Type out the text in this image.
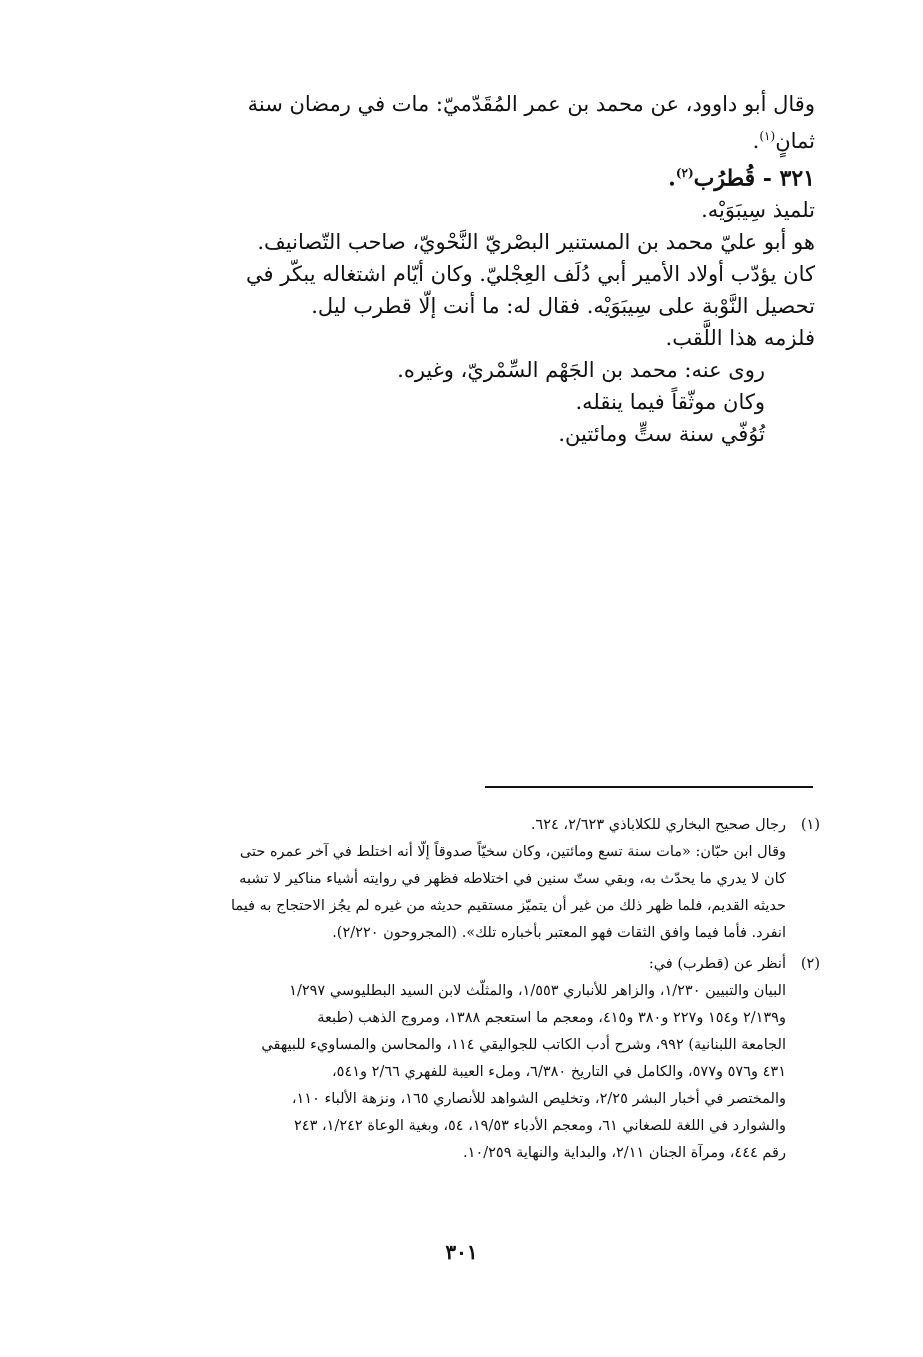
وقال أبو داوود، عن محمد بن عمر المُقَدّميّ: مات في رمضان سنة

ثمانٍ$^{(١)}$.

٣٢١ - قُطرُب$^{(٢)}$.

تلميذ سِيبَوَيْه.

هو أبو عليّ محمد بن المستنير البصْريّ النَّحْويّ، صاحب التّصانيف.

كان يؤدّب أولاد الأمير أبي دُلَف العِجْليّ. وكان أيّام اشتغاله يبكّر في

تحصيل النَّوْبة على سِيبَوَيْه. فقال له: ما أنت إلّا قطرب ليل.

فلزمه هذا اللَّقب.

روى عنه: محمد بن الجَهْم السِّمْريّ، وغيره.

وكان موثّقاً فيما ينقله.

تُوُفّي سنة ستٍّ ومائتين.

(١)
رجال صحيح البخاري للكلاباذي ٢/٦٢٣، ٦٢٤.
وقال ابن حبّان: «مات سنة تسع ومائتين، وكان سخيّاً صدوقاً إلّا أنه اختلط في آخر عمره حتى
كان لا يدري ما يحدّث به، وبقي ستّ سنين في اختلاطه فظهر في روايته أشياء مناكير لا تشبه
حديثه القديم، فلما ظهر ذلك من غير أن يتميّز مستقيم حديثه من غيره لم يجُز الاحتجاج به فيما
انفرد. فأما فيما وافق الثقات فهو المعتبر بأخباره تلك». (المجروحون ٢/٢٢٠).
(٢)
أنظر عن (قطرب) في:
البيان والتبيين ١/٢٣٠، والزاهر للأنباري ١/٥٥٣، والمثلّث لابن السيد البطليوسي ١/٢٩٧
و٢/١٣٩ و١٥٤ و٢٢٧ و٣٨٠ و٤١٥، ومعجم ما استعجم ١٣٨٨، ومروج الذهب (طبعة
الجامعة اللبنانية) ٩٩٢، وشرح أدب الكاتب للجواليقي ١١٤، والمحاسن والمساويء للبيهقي
٤٣١ و٥٧٦ و٥٧٧، والكامل في التاريخ ٦/٣٨٠، وملء العيبة للفهري ٢/٦٦ و٥٤١،
والمختصر في أخبار البشر ٢/٢٥، وتخليص الشواهد للأنصاري ١٦٥، ونزهة الألباء ١١٠،
والشوارد في اللغة للصغاني ٦١، ومعجم الأدباء ١٩/٥٣، ٥٤، وبغية الوعاة ١/٢٤٢، ٢٤٣
رقم ٤٤٤، ومرآة الجنان ٢/١١، والبداية والنهاية ١٠/٢٥٩.
٣٠١
